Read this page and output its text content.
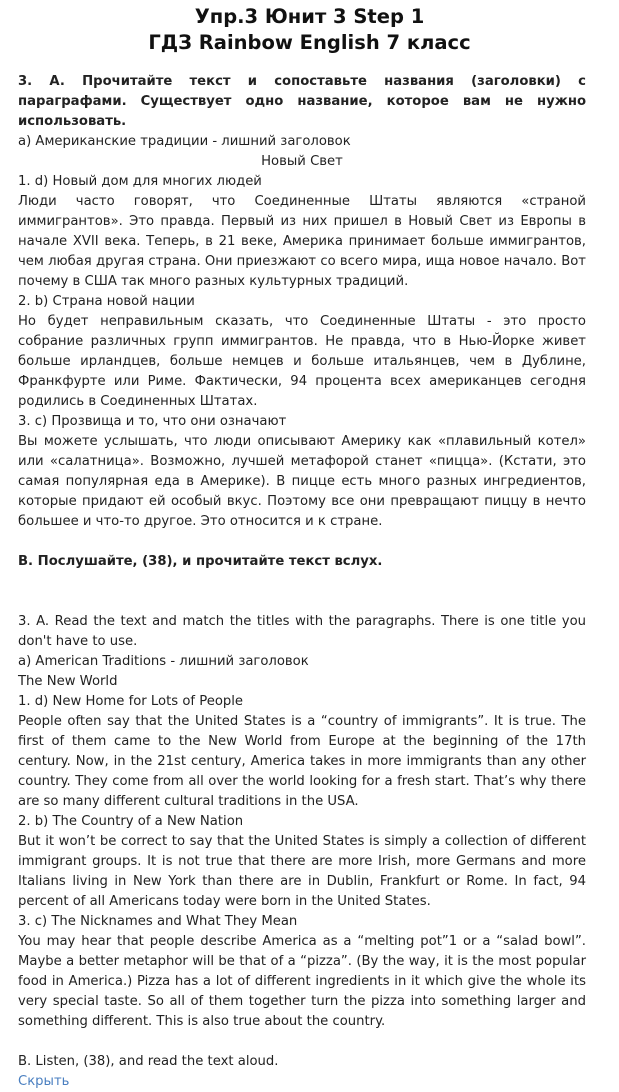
Упр.3 Юнит 3 Step 1
ГДЗ Rainbow English 7 класс

3. A. Прочитайте текст и сопоставьте названия (заголовки) с параграфами. Существует одно название, которое вам не нужно использовать.

a) Американские традиции - лишний заголовок

Новый Свет

1. d) Новый дом для многих людей

Люди часто говорят, что Соединенные Штаты являются «страной иммигрантов». Это правда. Первый из них пришел в Новый Свет из Европы в начале XVII века. Теперь, в 21 веке, Америка принимает больше иммигрантов, чем любая другая страна. Они приезжают со всего мира, ища новое начало. Вот почему в США так много разных культурных традиций.

2. b) Страна новой нации

Но будет неправильным сказать, что Соединенные Штаты - это просто собрание различных групп иммигрантов. Не правда, что в Нью-Йорке живет больше ирландцев, больше немцев и больше итальянцев, чем в Дублине, Франкфурте или Риме. Фактически, 94 процента всех американцев сегодня родились в Соединенных Штатах.

3. c) Прозвища и то, что они означают

Вы можете услышать, что люди описывают Америку как «плавильный котел» или «салатница». Возможно, лучшей метафорой станет «пицца». (Кстати, это самая популярная еда в Америке). В пицце есть много разных ингредиентов, которые придают ей особый вкус. Поэтому все они превращают пиццу в нечто большее и что-то другое. Это относится и к стране.

B. Послушайте, (38), и прочитайте текст вслух.

3. A. Read the text and match the titles with the paragraphs. There is one title you don't have to use.

a) American Traditions - лишний заголовок

The New World

1. d) New Home for Lots of People

People often say that the United States is a “country of immigrants”. It is true. The first of them came to the New World from Europe at the beginning of the 17th century. Now, in the 21st century, America takes in more immigrants than any other country. They come from all over the world looking for a fresh start. That’s why there are so many different cultural traditions in the USA.

2. b) The Country of a New Nation

But it won’t be correct to say that the United States is simply a collection of different immigrant groups. It is not true that there are more Irish, more Germans and more Italians living in New York than there are in Dublin, Frankfurt or Rome. In fact, 94 percent of all Americans today were born in the United States.

3. c) The Nicknames and What They Mean

You may hear that people describe America as a “melting pot”1 or a “salad bowl”. Maybe a better metaphor will be that of a “pizza”. (By the way, it is the most popular food in America.) Pizza has a lot of different ingredients in it which give the whole its very special taste. So all of them together turn the pizza into something larger and something different. This is also true about the country.

B. Listen, (38), and read the text aloud.

Скрыть
